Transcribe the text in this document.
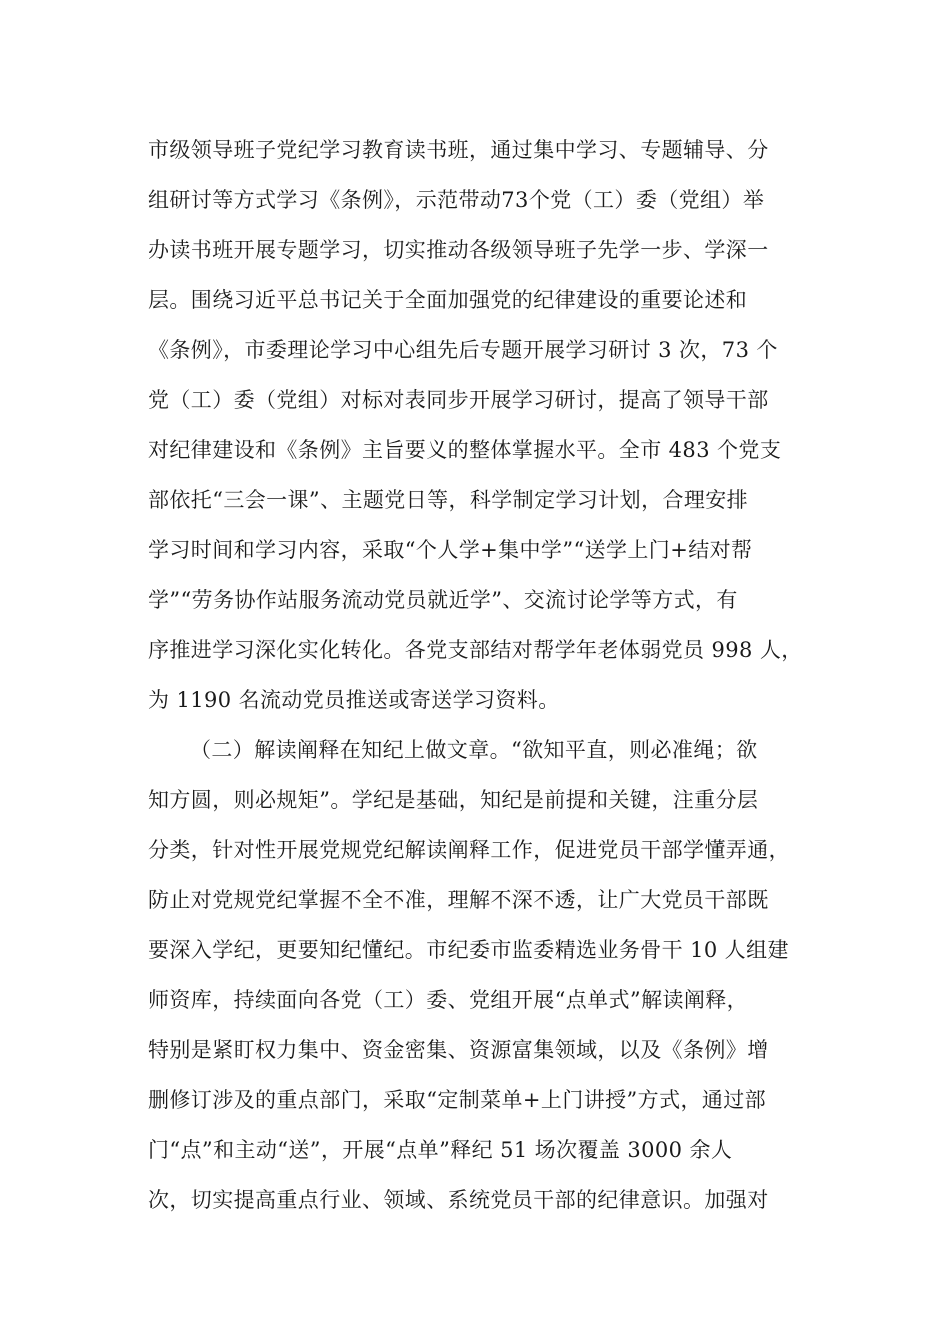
市级领导班子党纪学习教育读书班，通过集中学习、专题辅导、分
组研讨等方式学习《条例》，示范带动73个党（工）委（党组）举
办读书班开展专题学习，切实推动各级领导班子先学一步、学深一
层。围绕习近平总书记关于全面加强党的纪律建设的重要论述和
《条例》，市委理论学习中心组先后专题开展学习研讨 3 次，73 个
党（工）委（党组）对标对表同步开展学习研讨，提高了领导干部
对纪律建设和《条例》主旨要义的整体掌握水平。全市 483 个党支
部依托“三会一课”、主题党日等，科学制定学习计划，合理安排
学习时间和学习内容，采取“个人学+集中学”“送学上门+结对帮
学”“劳务协作站服务流动党员就近学”、交流讨论学等方式，有
序推进学习深化实化转化。各党支部结对帮学年老体弱党员 998 人，
为 1190 名流动党员推送或寄送学习资料。
（二）解读阐释在知纪上做文章。“欲知平直，则必准绳；欲
知方圆，则必规矩”。学纪是基础，知纪是前提和关键，注重分层
分类，针对性开展党规党纪解读阐释工作，促进党员干部学懂弄通，
防止对党规党纪掌握不全不准，理解不深不透，让广大党员干部既
要深入学纪，更要知纪懂纪。市纪委市监委精选业务骨干 10 人组建
师资库，持续面向各党（工）委、党组开展“点单式”解读阐释，
特别是紧盯权力集中、资金密集、资源富集领域，以及《条例》增
删修订涉及的重点部门，采取“定制菜单+上门讲授”方式，通过部
门“点”和主动“送”，开展“点单”释纪 51 场次覆盖 3000 余人
次，切实提高重点行业、领域、系统党员干部的纪律意识。加强对
